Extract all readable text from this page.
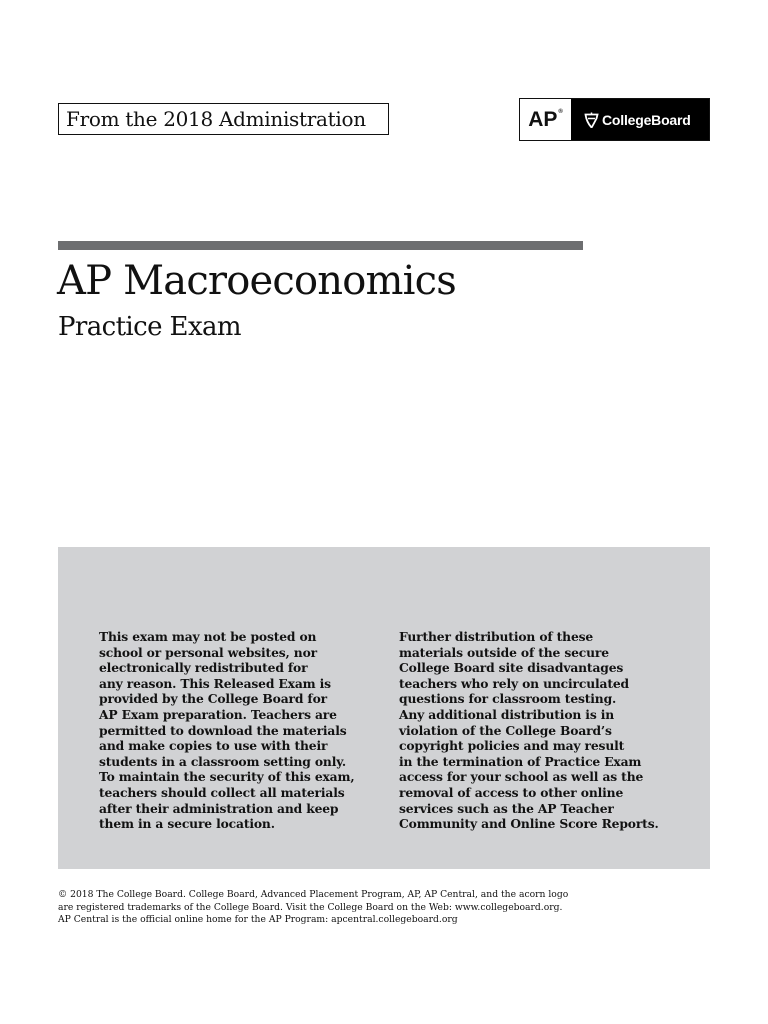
From the 2018 Administration	AP ®	CollegeBoard
AP Macroeconomics
Practice Exam
This exam may not be posted on
school or personal websites, nor
electronically redistributed for
any reason. This Released Exam is
provided by the College Board for
AP Exam preparation. Teachers are
permitted to download the materials
and make copies to use with their
students in a classroom setting only.
To maintain the security of this exam,
teachers should collect all materials
after their administration and keep
them in a secure location.
Further distribution of these
materials outside of the secure
College Board site disadvantages
teachers who rely on uncirculated
questions for classroom testing.
Any additional distribution is in
violation of the College Board’s
copyright policies and may result
in the termination of Practice Exam
access for your school as well as the
removal of access to other online
services such as the AP Teacher
Community and Online Score Reports.
© 2018 The College Board. College Board, Advanced Placement Program, AP, AP Central, and the acorn logo
are registered trademarks of the College Board. Visit the College Board on the Web: www.collegeboard.org.
AP Central is the official online home for the AP Program: apcentral.collegeboard.org
